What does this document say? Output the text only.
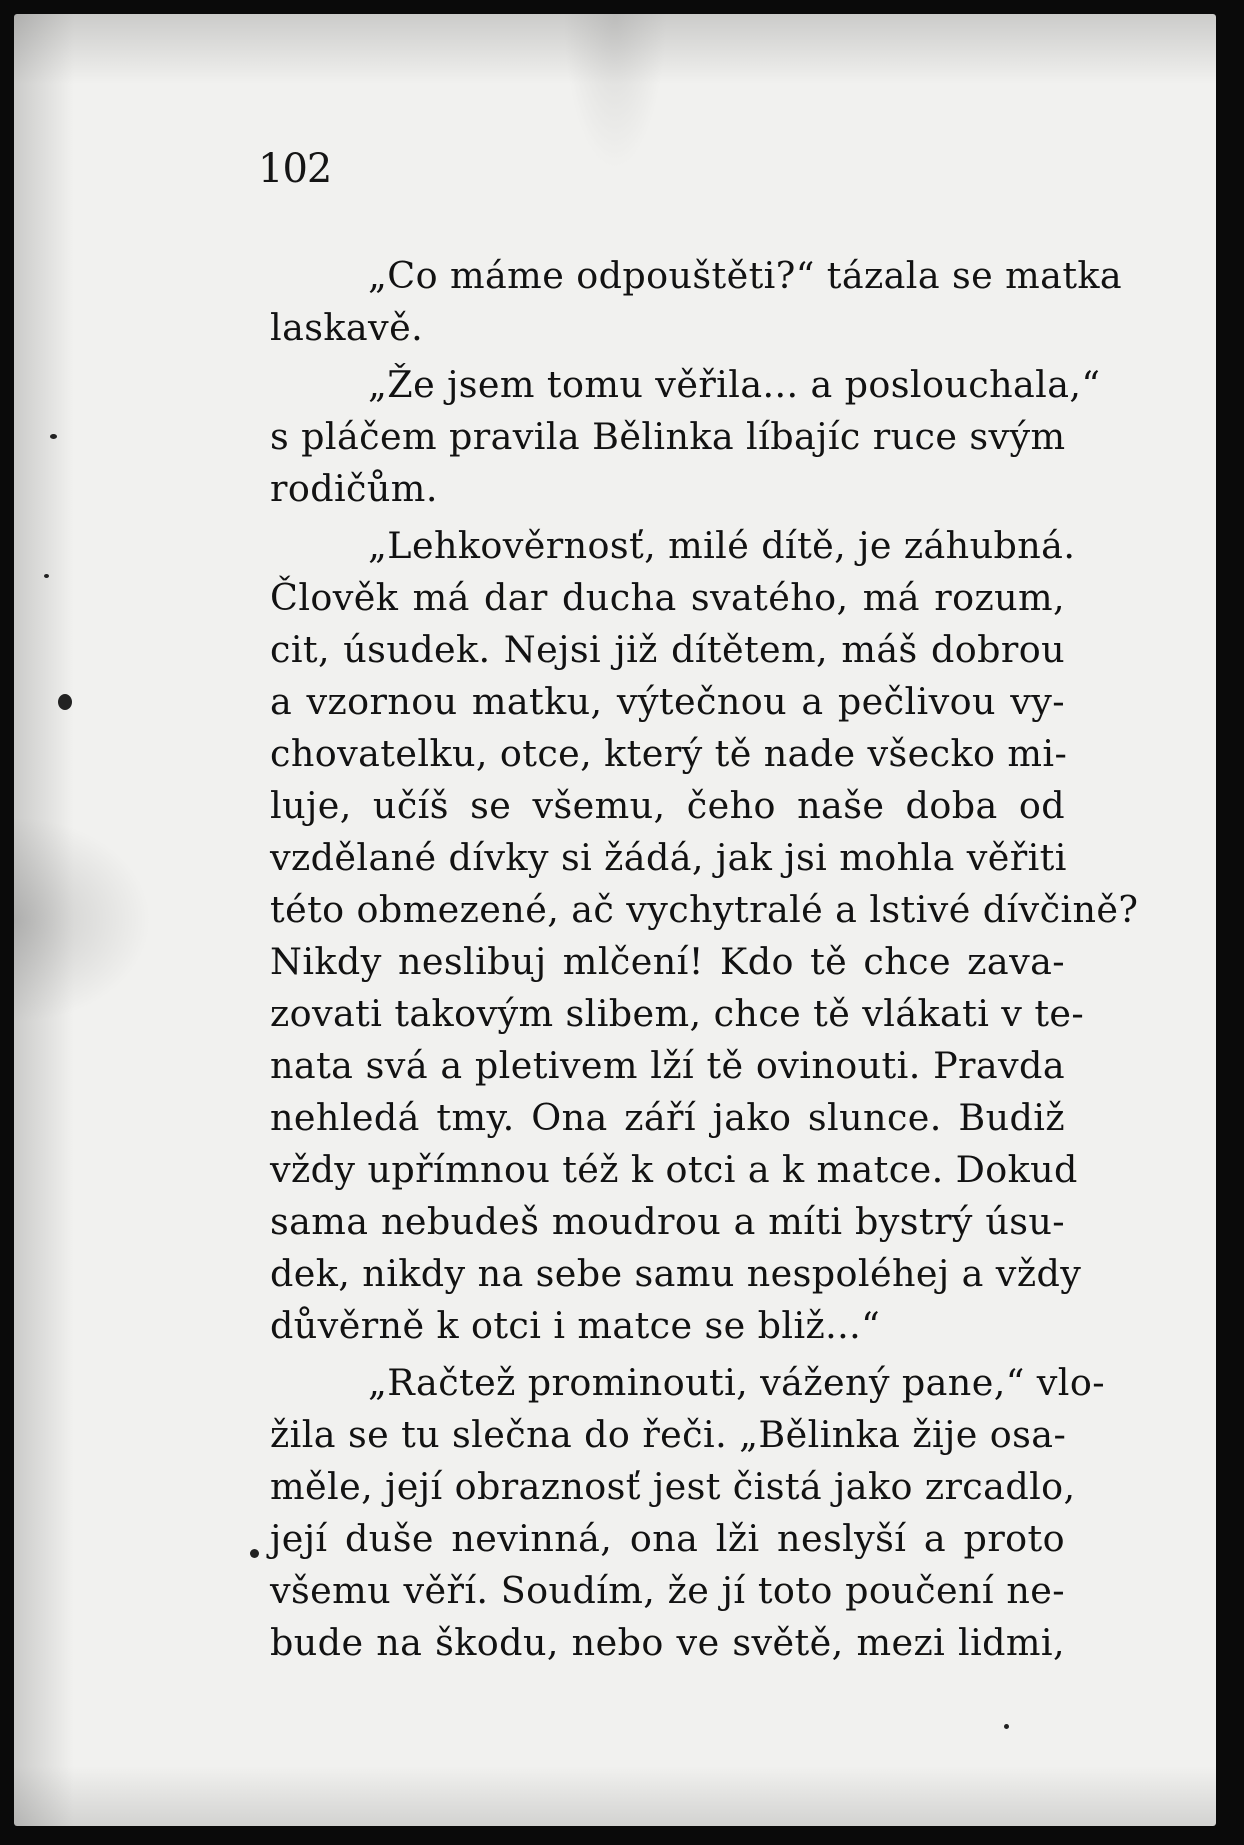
102

„Co máme odpouštěti?“ tázala se matka
laskavě.

„Že jsem tomu věřila... a poslouchala,“
s pláčem pravila Bělinka líbajíc ruce svým
rodičům.

„Lehkověrnosť, milé dítě, je záhubná.
Člověk má dar ducha svatého, má rozum,
cit, úsudek. Nejsi již dítětem, máš dobrou
a vzornou matku, výtečnou a pečlivou vy-
chovatelku, otce, který tě nade všecko mi-
luje, učíš se všemu, čeho naše doba od
vzdělané dívky si žádá, jak jsi mohla věřiti
této obmezené, ač vychytralé a lstivé dívčině?
Nikdy neslibuj mlčení! Kdo tě chce zava-
zovati takovým slibem, chce tě vlákati v te-
nata svá a pletivem lží tě ovinouti. Pravda
nehledá tmy. Ona září jako slunce. Budiž
vždy upřímnou též k otci a k matce. Dokud
sama nebudeš moudrou a míti bystrý úsu-
dek, nikdy na sebe samu nespoléhej a vždy
důvěrně k otci i matce se bliž...“

„Račtež prominouti, vážený pane,“ vlo-
žila se tu slečna do řeči. „Bělinka žije osa-
měle, její obraznosť jest čistá jako zrcadlo,
její duše nevinná, ona lži neslyší a proto
všemu věří. Soudím, že jí toto poučení ne-
bude na škodu, nebo ve světě, mezi lidmi,
